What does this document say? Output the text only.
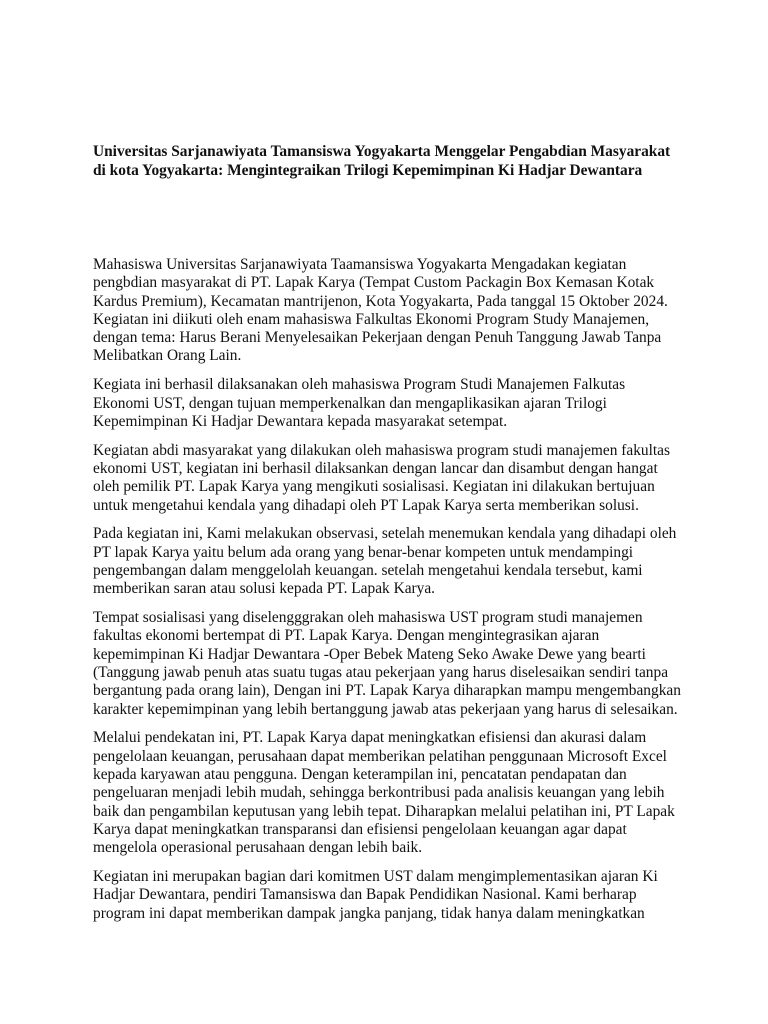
Universitas Sarjanawiyata Tamansiswa Yogyakarta Menggelar Pengabdian Masyarakat di kota Yogyakarta: Mengintegraikan Trilogi Kepemimpinan Ki Hadjar Dewantara

Mahasiswa Universitas Sarjanawiyata Taamansiswa Yogyakarta Mengadakan kegiatan pengbdian masyarakat di PT. Lapak Karya (Tempat Custom Packagin Box Kemasan Kotak Kardus Premium), Kecamatan mantrijenon, Kota Yogyakarta, Pada tanggal 15 Oktober 2024. Kegiatan ini diikuti oleh enam mahasiswa Falkultas Ekonomi Program Study Manajemen, dengan tema: Harus Berani Menyelesaikan Pekerjaan dengan Penuh Tanggung Jawab Tanpa Melibatkan Orang Lain.

Kegiata ini berhasil dilaksanakan oleh mahasiswa Program Studi Manajemen Falkutas Ekonomi UST, dengan tujuan memperkenalkan dan mengaplikasikan ajaran Trilogi Kepemimpinan Ki Hadjar Dewantara kepada masyarakat setempat.

Kegiatan abdi masyarakat yang dilakukan oleh mahasiswa program studi manajemen fakultas ekonomi UST, kegiatan ini berhasil dilaksankan dengan lancar dan disambut dengan hangat oleh pemilik PT. Lapak Karya yang mengikuti sosialisasi. Kegiatan ini dilakukan bertujuan untuk mengetahui kendala yang dihadapi oleh PT Lapak Karya serta memberikan solusi.

Pada kegiatan ini, Kami melakukan observasi, setelah menemukan kendala yang dihadapi oleh PT lapak Karya yaitu belum ada orang yang benar-benar kompeten untuk mendampingi pengembangan dalam menggelolah keuangan. setelah mengetahui kendala tersebut, kami memberikan saran atau solusi kepada PT. Lapak Karya.

Tempat sosialisasi yang diselengggrakan oleh mahasiswa UST program studi manajemen fakultas ekonomi bertempat di PT. Lapak Karya. Dengan mengintegrasikan ajaran kepemimpinan Ki Hadjar Dewantara -Oper Bebek Mateng Seko Awake Dewe yang bearti (Tanggung jawab penuh atas suatu tugas atau pekerjaan yang harus diselesaikan sendiri tanpa bergantung pada orang lain), Dengan ini PT. Lapak Karya diharapkan mampu mengembangkan karakter kepemimpinan yang lebih bertanggung jawab atas pekerjaan yang harus di selesaikan.

Melalui pendekatan ini, PT. Lapak Karya dapat meningkatkan efisiensi dan akurasi dalam pengelolaan keuangan, perusahaan dapat memberikan pelatihan penggunaan Microsoft Excel kepada karyawan atau pengguna. Dengan keterampilan ini, pencatatan pendapatan dan pengeluaran menjadi lebih mudah, sehingga berkontribusi pada analisis keuangan yang lebih baik dan pengambilan keputusan yang lebih tepat. Diharapkan melalui pelatihan ini, PT Lapak Karya dapat meningkatkan transparansi dan efisiensi pengelolaan keuangan agar dapat mengelola operasional perusahaan dengan lebih baik.

Kegiatan ini merupakan bagian dari komitmen UST dalam mengimplementasikan ajaran Ki Hadjar Dewantara, pendiri Tamansiswa dan Bapak Pendidikan Nasional. Kami berharap program ini dapat memberikan dampak jangka panjang, tidak hanya dalam meningkatkan
